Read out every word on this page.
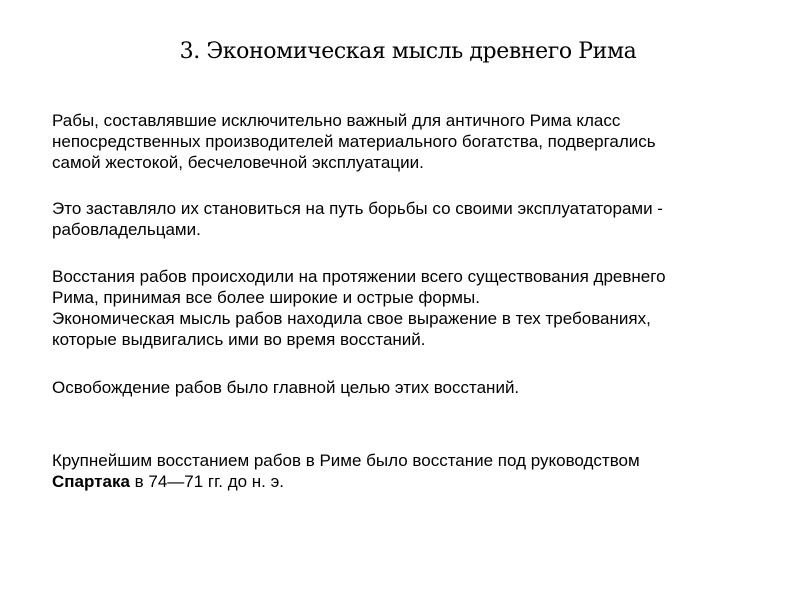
3. Экономическая мысль древнего Рима
Рабы, составлявшие исключительно важный для античного Рима класс
непосредственных производителей материального богатства, подвергались
самой жестокой, бесчеловечной эксплуатации.
Это заставляло их становиться на путь борьбы со своими эксплуататорами -
рабовладельцами.
Восстания рабов происходили на протяжении всего существования древнего
Рима, принимая все более широкие и острые формы.
Экономическая мысль рабов находила свое выражение в тех требованиях,
которые выдвигались ими во время восстаний.
Освобождение рабов было главной целью этих восстаний.
Крупнейшим восстанием рабов в Риме было восстание под руководством
Спартака в 74—71 гг. до н. э.
